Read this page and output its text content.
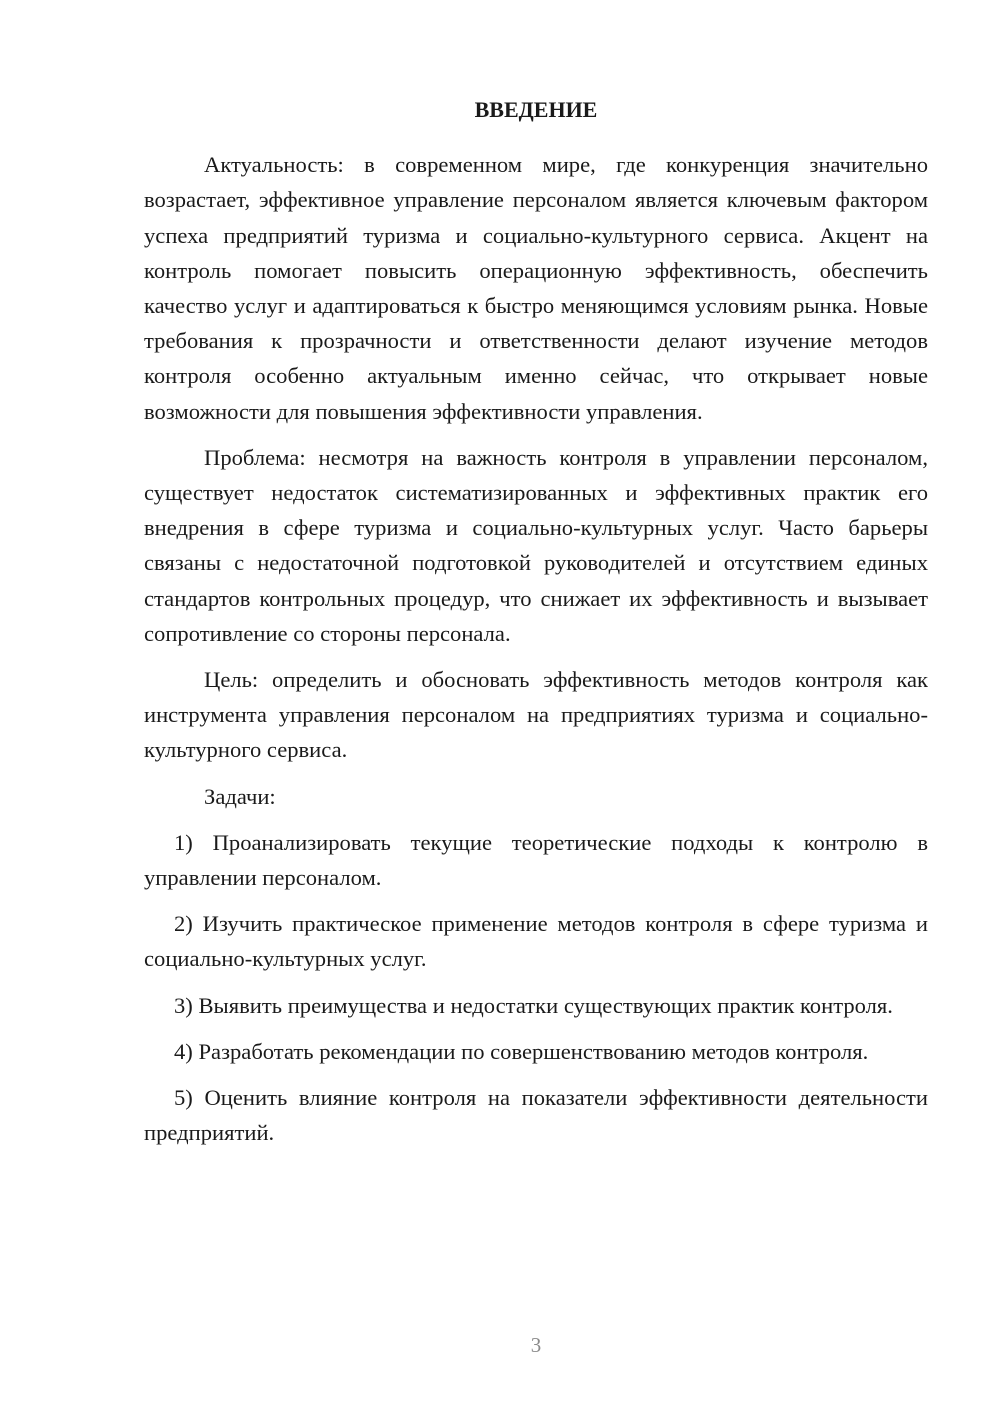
ВВЕДЕНИЕ

Актуальность: в современном мире, где конкуренция значительно возрастает, эффективное управление персоналом является ключевым фактором успеха предприятий туризма и социально-культурного сервиса. Акцент на контроль помогает повысить операционную эффективность, обеспечить качество услуг и адаптироваться к быстро меняющимся условиям рынка. Новые требования к прозрачности и ответственности делают изучение методов контроля особенно актуальным именно сейчас, что открывает новые возможности для повышения эффективности управления.

Проблема: несмотря на важность контроля в управлении персоналом, существует недостаток систематизированных и эффективных практик его внедрения в сфере туризма и социально-культурных услуг. Часто барьеры связаны с недостаточной подготовкой руководителей и отсутствием единых стандартов контрольных процедур, что снижает их эффективность и вызывает сопротивление со стороны персонала.

Цель: определить и обосновать эффективность методов контроля как инструмента управления персоналом на предприятиях туризма и социально-культурного сервиса.

Задачи:

1) Проанализировать текущие теоретические подходы к контролю в управлении персоналом.

2) Изучить практическое применение методов контроля в сфере туризма и социально-культурных услуг.

3) Выявить преимущества и недостатки существующих практик контроля.

4) Разработать рекомендации по совершенствованию методов контроля.

5) Оценить влияние контроля на показатели эффективности деятельности предприятий.

3
